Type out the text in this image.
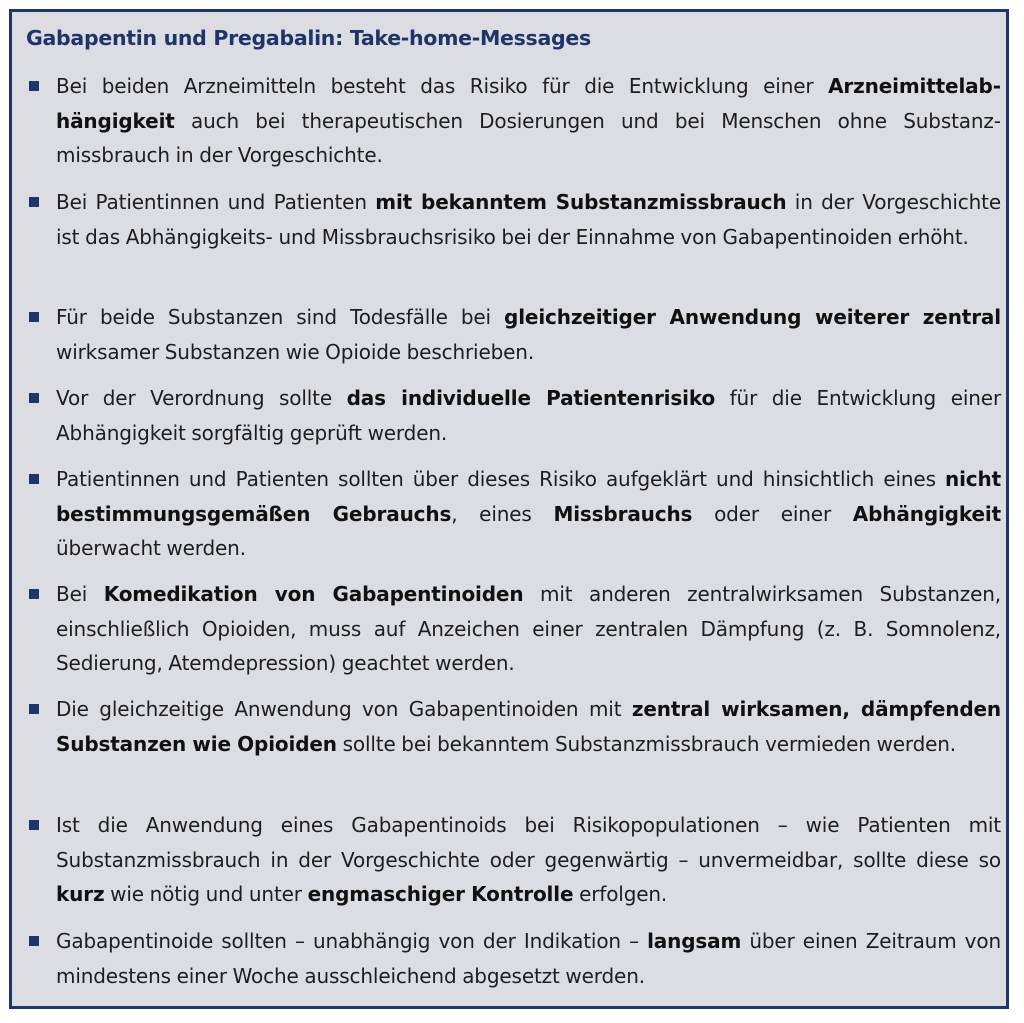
Gabapentin und Pregabalin: Take-home-Messages

Bei beiden Arzneimitteln besteht das Risiko für die Entwicklung einer Arzneimittelabhängigkeit auch bei therapeutischen Dosierungen und bei Menschen ohne Substanzmissbrauch in der Vorgeschichte.

Bei Patientinnen und Patienten mit bekanntem Substanzmissbrauch in der Vorgeschichte ist das Abhängigkeits- und Missbrauchsrisiko bei der Einnahme von Gabapentinoiden erhöht.

Für beide Substanzen sind Todesfälle bei gleichzeitiger Anwendung weiterer zentral wirksamer Substanzen wie Opioide beschrieben.

Vor der Verordnung sollte das individuelle Patientenrisiko für die Entwicklung einer Abhängigkeit sorgfältig geprüft werden.

Patientinnen und Patienten sollten über dieses Risiko aufgeklärt und hinsichtlich eines nicht bestimmungsgemäßen Gebrauchs, eines Missbrauchs oder einer Abhängigkeit überwacht werden.

Bei Komedikation von Gabapentinoiden mit anderen zentralwirksamen Substanzen, einschließlich Opioiden, muss auf Anzeichen einer zentralen Dämpfung (z. B. Somnolenz, Sedierung, Atemdepression) geachtet werden.

Die gleichzeitige Anwendung von Gabapentinoiden mit zentral wirksamen, dämpfenden Substanzen wie Opioiden sollte bei bekanntem Substanzmissbrauch vermieden werden.

Ist die Anwendung eines Gabapentinoids bei Risikopopulationen – wie Patienten mit Substanzmissbrauch in der Vorgeschichte oder gegenwärtig – unvermeidbar, sollte diese so kurz wie nötig und unter engmaschiger Kontrolle erfolgen.

Gabapentinoide sollten – unabhängig von der Indikation – langsam über einen Zeitraum von mindestens einer Woche ausschleichend abgesetzt werden.
